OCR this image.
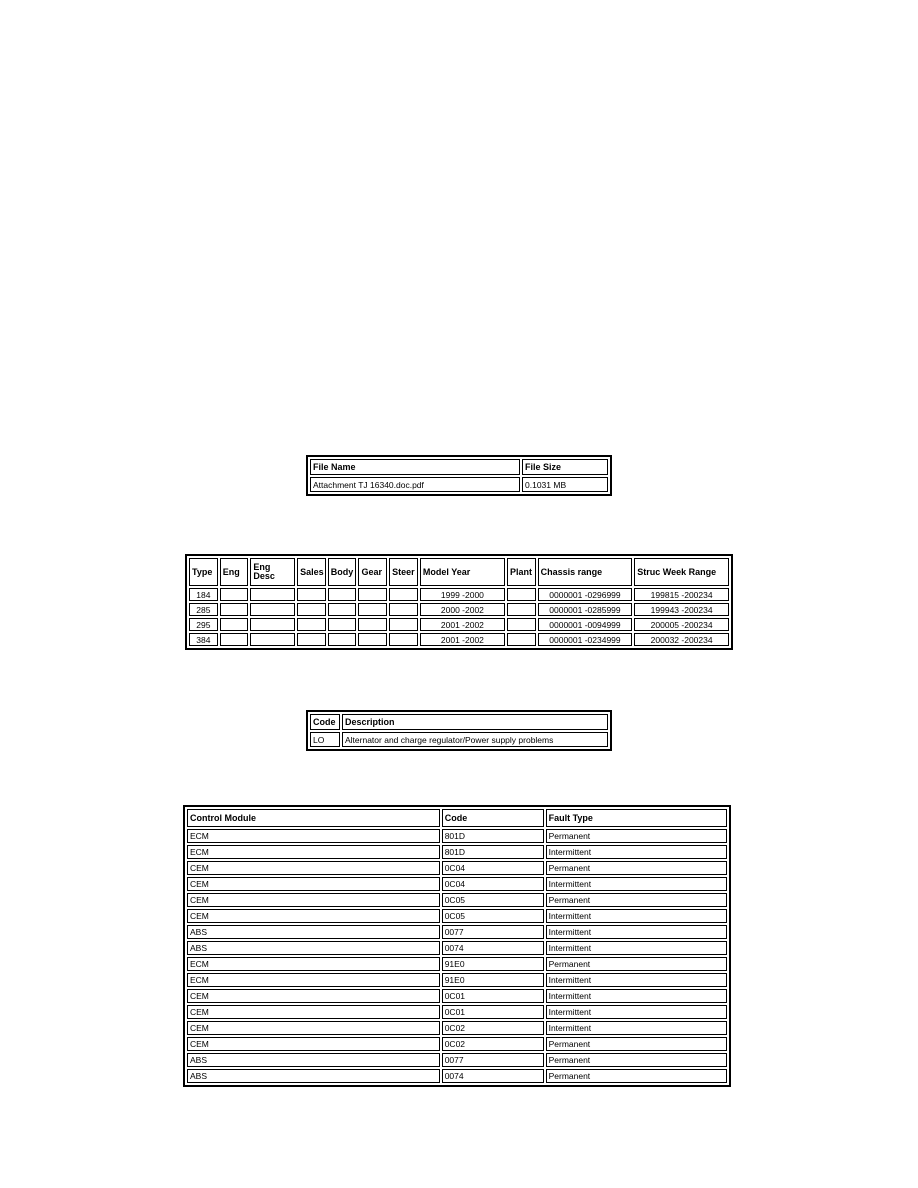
File Name	File Size
Attachment TJ 16340.doc.pdf	0.1031 MB
Type	Eng	Eng Desc	Sales	Body	Gear	Steer	Model Year	Plant	Chassis range	Struc Week Range
184							1999 -2000		0000001 -0296999	199815 -200234
285							2000 -2002		0000001 -0285999	199943 -200234
295							2001 -2002		0000001 -0094999	200005 -200234
384							2001 -2002		0000001 -0234999	200032 -200234
Code	Description
LO	Alternator and charge regulator/Power supply problems
Control Module	Code	Fault Type
ECM	801D	Permanent
ECM	801D	Intermittent
CEM	0C04	Permanent
CEM	0C04	Intermittent
CEM	0C05	Permanent
CEM	0C05	Intermittent
ABS	0077	Intermittent
ABS	0074	Intermittent
ECM	91E0	Permanent
ECM	91E0	Intermittent
CEM	0C01	Intermittent
CEM	0C01	Intermittent
CEM	0C02	Intermittent
CEM	0C02	Permanent
ABS	0077	Permanent
ABS	0074	Permanent
